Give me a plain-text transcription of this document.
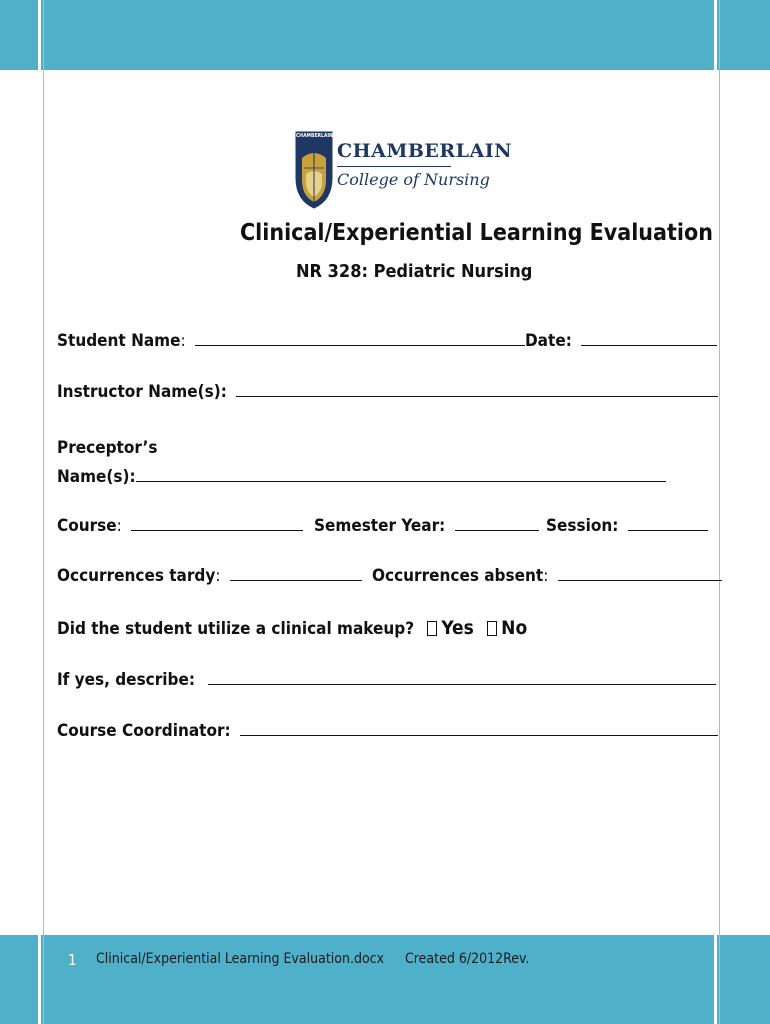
CHAMBERLAIN
CHAMBERLAIN
College of Nursing
Clinical/Experiential Learning Evaluation
NR 328: Pediatric Nursing
Student Name:	Date:
Instructor Name(s):
Preceptor’s
Name(s):
Course:	Semester Year:	Session:
Occurrences tardy:	Occurrences absent:
Did the student utilize a clinical makeup? Yes No
If yes, describe:
Course Coordinator:
1 Clinical/Experiential Learning Evaluation.docx Created 6/2012Rev.
